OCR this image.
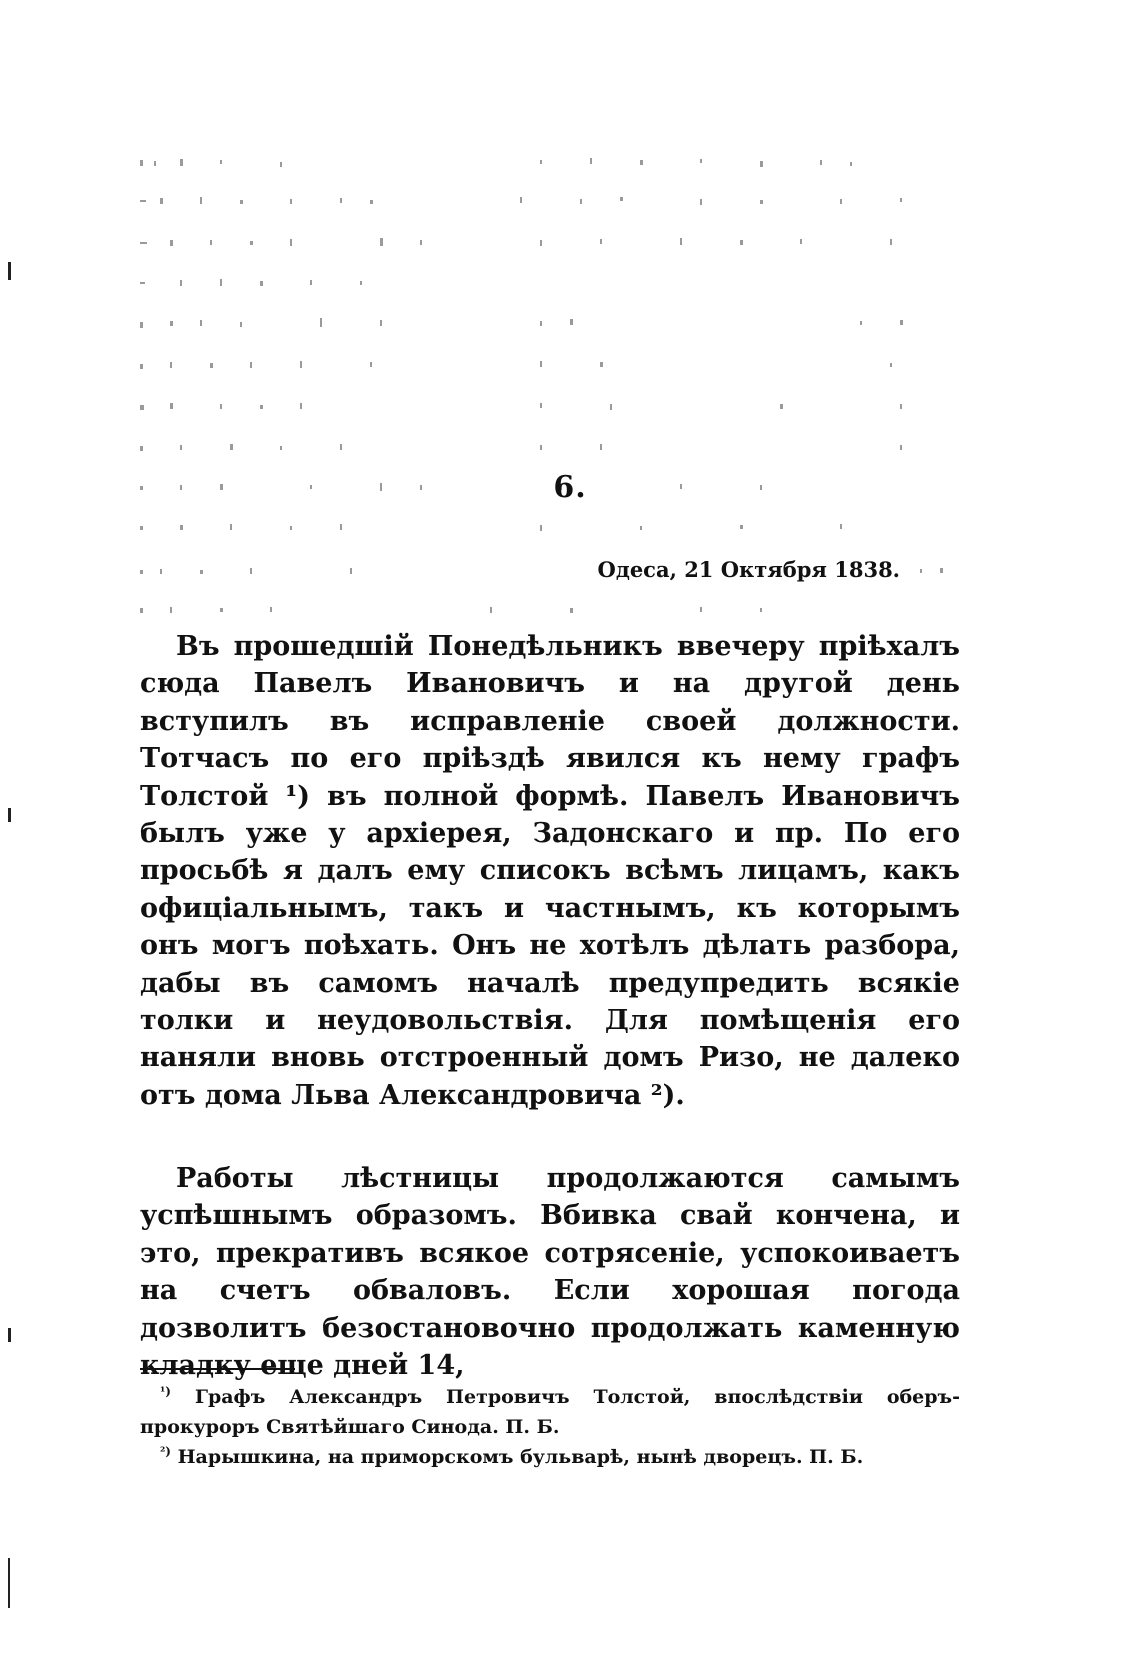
6.
Одеса, 21 Октября 1838.

Въ прошедшій Понедѣльникъ ввечеру пріѣхалъ сюда Павелъ Ивановичъ и на другой день вступилъ въ исправленіе своей должности. Тотчасъ по его пріѣздѣ явился къ нему графъ Толстой ¹) въ полной формѣ. Павелъ Ивановичъ былъ уже у архіерея, Задонскаго и пр. По его просьбѣ я далъ ему списокъ всѣмъ лицамъ, какъ офиціальнымъ, такъ и частнымъ, къ которымъ онъ могъ поѣхать. Онъ не хотѣлъ дѣлать разбора, дабы въ самомъ началѣ предупредить всякіе толки и неудовольствія. Для помѣщенія его наняли вновь отстроенный домъ Ризо, не далеко отъ дома Льва Александровича ²).

Работы лѣстницы продолжаются самымъ успѣшнымъ образомъ. Вбивка свай кончена, и это, прекративъ всякое сотрясеніе, успокоиваетъ на счетъ обваловъ. Если хорошая погода дозволитъ безостановочно продолжать каменную кладку еще дней 14,

$^{^1)}$ Графъ Александръ Петровичъ Толстой, впослѣдствіи оберъ-прокуроръ Святѣйшаго Синода. П. Б.

$^{^2)}$ Нарышкина, на приморскомъ бульварѣ, нынѣ дворецъ. П. Б.
